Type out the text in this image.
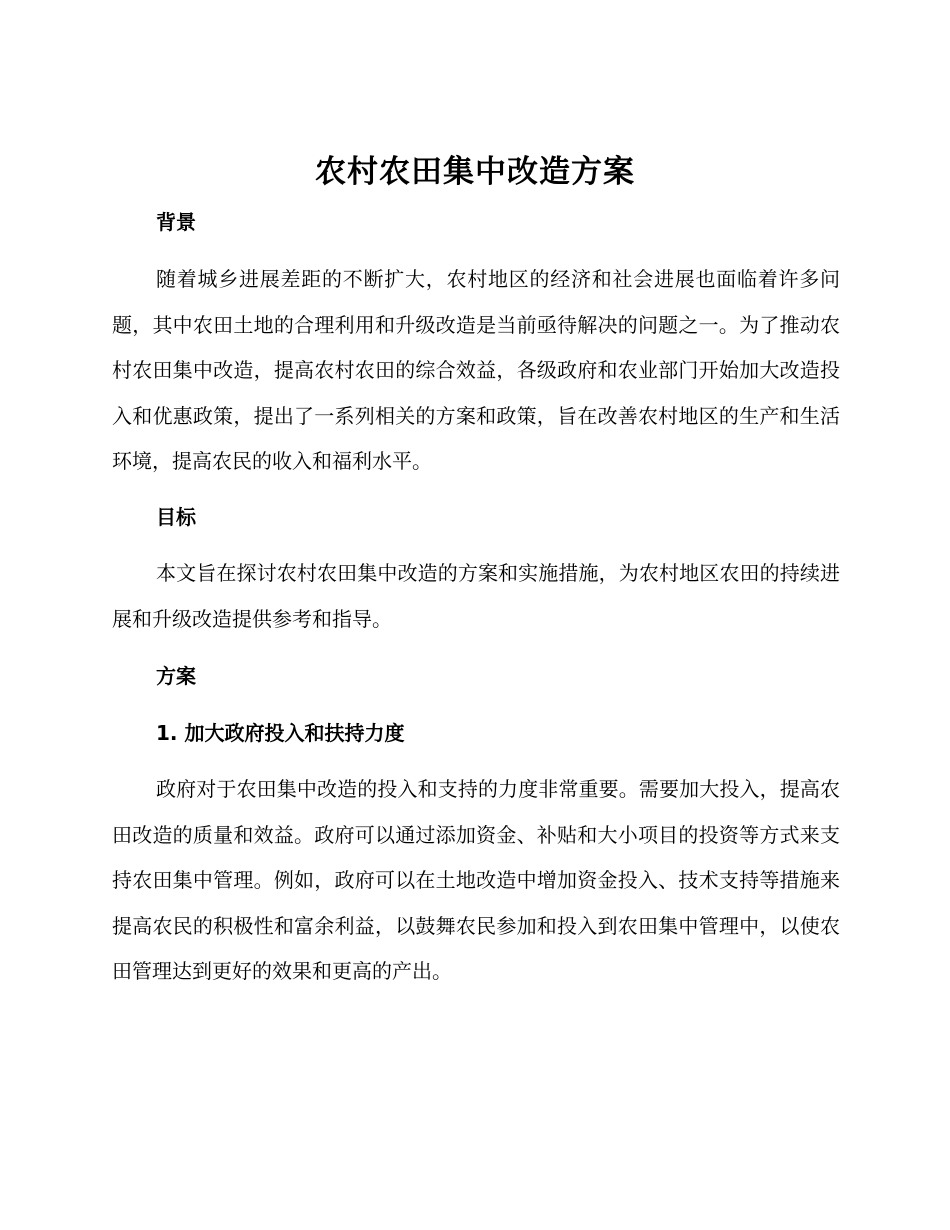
农村农田集中改造方案
背景

随着城乡进展差距的不断扩大，农村地区的经济和社会进展也面临着许多问题，其中农田土地的合理利用和升级改造是当前亟待解决的问题之一。为了推动农村农田集中改造，提高农村农田的综合效益，各级政府和农业部门开始加大改造投入和优惠政策，提出了一系列相关的方案和政策，旨在改善农村地区的生产和生活环境，提高农民的收入和福利水平。

目标

本文旨在探讨农村农田集中改造的方案和实施措施，为农村地区农田的持续进展和升级改造提供参考和指导。

方案
1. 加大政府投入和扶持力度

政府对于农田集中改造的投入和支持的力度非常重要。需要加大投入，提高农田改造的质量和效益。政府可以通过添加资金、补贴和大小项目的投资等方式来支持农田集中管理。例如，政府可以在土地改造中增加资金投入、技术支持等措施来提高农民的积极性和富余利益，以鼓舞农民参加和投入到农田集中管理中，以使农田管理达到更好的效果和更高的产出。
